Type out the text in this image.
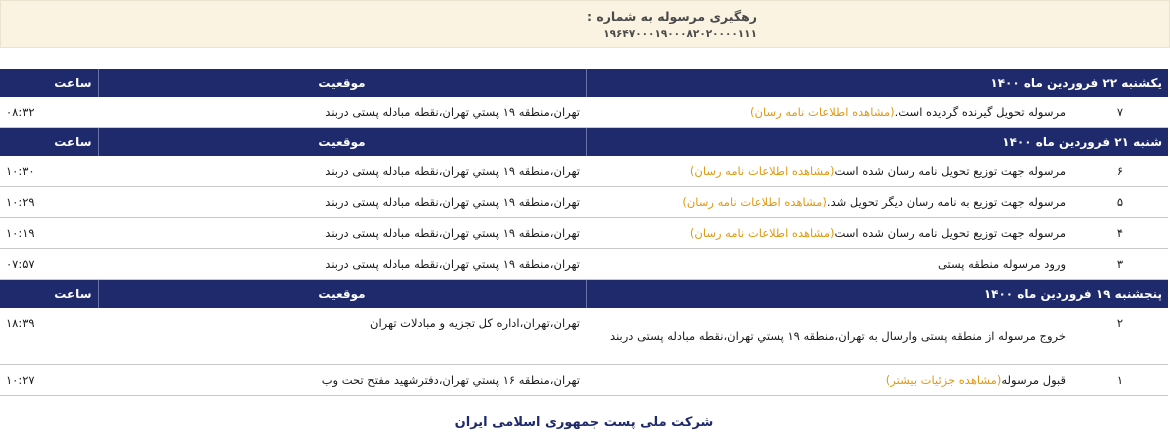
رهگیری مرسوله به شماره :
۱۹۶۴۷۰۰۰۱۹۰۰۰۸۲۰۲۰۰۰۰۱۱۱
یکشنبه ۲۲ فروردین ماه ۱۴۰۰		موقعیت	ساعت
۷	مرسوله تحویل گیرنده گردیده است.(مشاهده اطلاعات نامه رسان)	تهران،منطقه ۱۹ پستي تهران،نقطه مبادله پستی دربند	۰۸:۳۲
شنبه ۲۱ فروردین ماه ۱۴۰۰		موقعیت	ساعت
۶	مرسوله جهت توزیع تحویل نامه رسان شده است(مشاهده اطلاعات نامه رسان)	تهران،منطقه ۱۹ پستي تهران،نقطه مبادله پستی دربند	۱۰:۳۰
۵	مرسوله جهت توزیع به نامه رسان دیگر تحویل شد.(مشاهده اطلاعات نامه رسان)	تهران،منطقه ۱۹ پستي تهران،نقطه مبادله پستی دربند	۱۰:۲۹
۴	مرسوله جهت توزیع تحویل نامه رسان شده است(مشاهده اطلاعات نامه رسان)	تهران،منطقه ۱۹ پستي تهران،نقطه مبادله پستی دربند	۱۰:۱۹
۳	ورود مرسوله منطقه پستی	تهران،منطقه ۱۹ پستي تهران،نقطه مبادله پستی دربند	۰۷:۵۷
پنجشنبه ۱۹ فروردین ماه ۱۴۰۰		موقعیت	ساعت
۲	خروج مرسوله از منطقه پستی وارسال به تهران،منطقه ۱۹ پستي تهران،نقطه مبادله پستی دربند	تهران،تهران،اداره کل تجزیه و مبادلات تهران	۱۸:۳۹
۱	قبول مرسوله(مشاهده جزئیات بیشتر)	تهران،منطقه ۱۶ پستي تهران،دفترشهید مفتح تحت وب	۱۰:۲۷
شرکت ملی پست جمهوری اسلامی ایران
